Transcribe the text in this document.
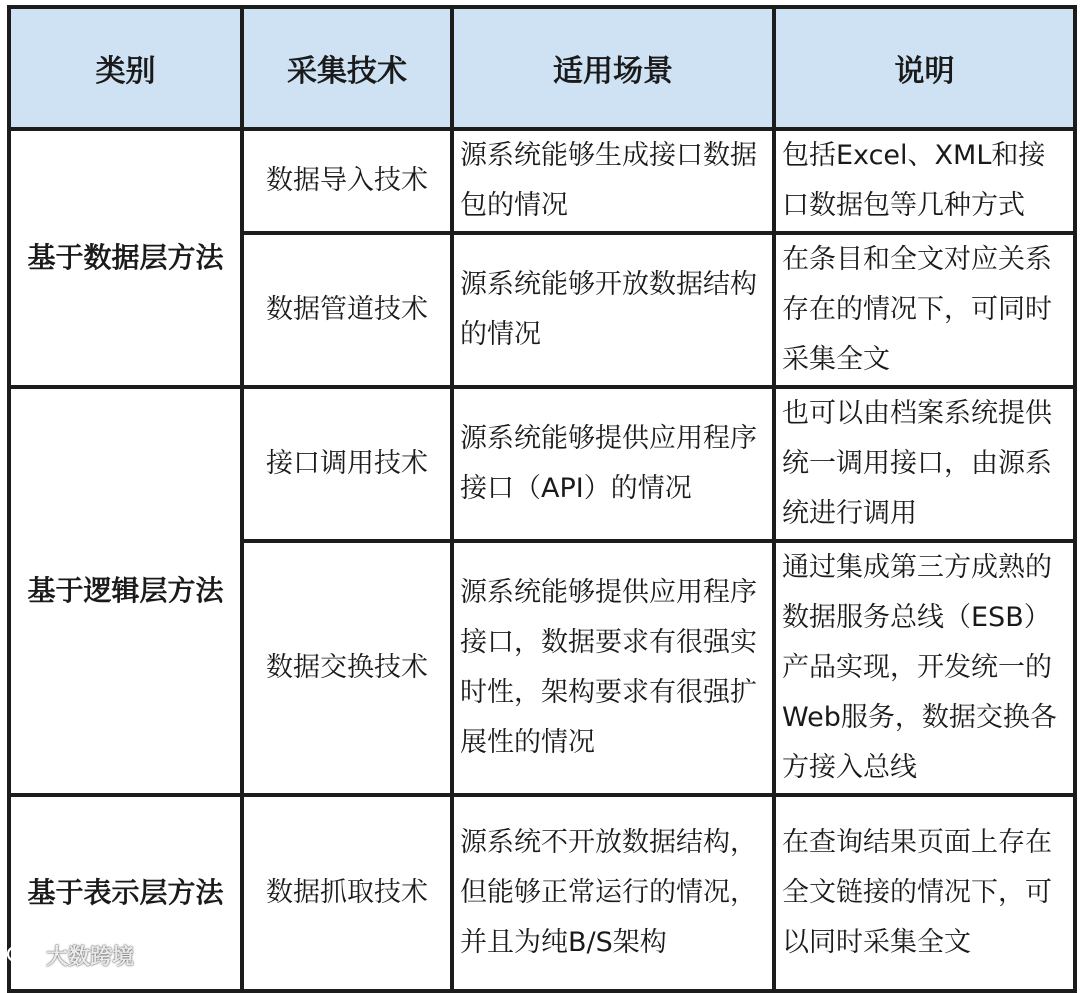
类别	采集技术	适用场景	说明
基于数据层方法	数据导入技术	源系统能够生成接口数据包的情况	包括Excel、XML和接口数据包等几种方式
	数据管道技术	源系统能够开放数据结构的情况	在条目和全文对应关系存在的情况下，可同时采集全文
基于逻辑层方法	接口调用技术	源系统能够提供应用程序接口（API）的情况	也可以由档案系统提供统一调用接口，由源系统进行调用
	数据交换技术	源系统能够提供应用程序接口，数据要求有很强实时性，架构要求有很强扩展性的情况	通过集成第三方成熟的数据服务总线（ESB）产品实现，开发统一的Web服务，数据交换各方接入总线
基于表示层方法	数据抓取技术	源系统不开放数据结构，但能够正常运行的情况，并且为纯B/S架构	在查询结果页面上存在全文链接的情况下，可以同时采集全文
大数跨境
